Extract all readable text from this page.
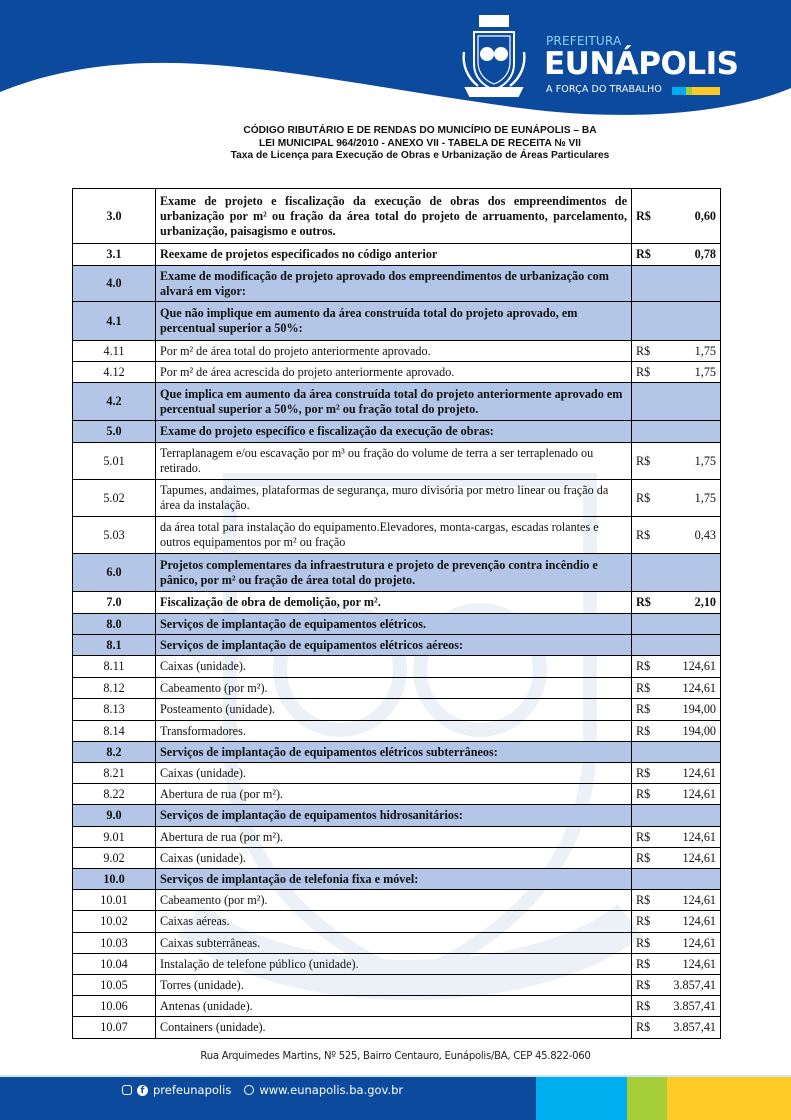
PREFEITURA
EUNÁPOLIS
A FORÇA DO TRABALHO
CÓDIGO RIBUTÁRIO E DE RENDAS DO MUNICÍPIO DE EUNÁPOLIS – BA
LEI MUNICIPAL 964/2010 - ANEXO VII - TABELA DE RECEITA № VII
Taxa de Licença para Execução de Obras e Urbanização de Áreas Particulares
3.0	Exame de projeto e fiscalização da execução de obras dos empreendimentos de urbanização por m² ou fração da área total do projeto de arruamento, parcelamento, urbanização, paisagismo e outros.	R$ 0,60

3.1	Reexame de projetos especificados no código anterior	R$ 0,78

4.0	Exame de modificação de projeto aprovado dos empreendimentos de urbanização com alvará em vigor:	

4.1	Que não implique em aumento da área construída total do projeto aprovado, em percentual superior a 50%:	

4.11	Por m² de área total do projeto anteriormente aprovado.	R$ 1,75

4.12	Por m² de área acrescida do projeto anteriormente aprovado.	R$ 1,75

4.2	Que implica em aumento da área construída total do projeto anteriormente aprovado em percentual superior a 50%, por m² ou fração total do projeto.	

5.0	Exame do projeto específico e fiscalização da execução de obras:	

5.01	Terraplanagem e/ou escavação por m³ ou fração do volume de terra a ser terraplenado ou retirado.	R$ 1,75

5.02	Tapumes, andaimes, plataformas de segurança, muro divisória por metro linear ou fração da área da instalação.	R$ 1,75

5.03	da área total para instalação do equipamento.Elevadores, monta-cargas, escadas rolantes e outros equipamentos por m² ou fração	R$ 0,43

6.0	Projetos complementares da infraestrutura e projeto de prevenção contra incêndio e pânico, por m² ou fração de área total do projeto.	

7.0	Fiscalização de obra de demolição, por m².	R$ 2,10

8.0	Serviços de implantação de equipamentos elétricos.	

8.1	Serviços de implantação de equipamentos elétricos aéreos:	

8.11	Caixas (unidade).	R$ 124,61

8.12	Cabeamento (por m²).	R$ 124,61

8.13	Posteamento (unidade).	R$ 194,00

8.14	Transformadores.	R$ 194,00

8.2	Serviços de implantação de equipamentos elétricos subterrâneos:	

8.21	Caixas (unidade).	R$ 124,61

8.22	Abertura de rua (por m²).	R$ 124,61

9.0	Serviços de implantação de equipamentos hidrosanitários:	

9.01	Abertura de rua (por m²).	R$ 124,61

9.02	Caixas (unidade).	R$ 124,61

10.0	Serviços de implantação de telefonia fixa e móvel:	

10.01	Cabeamento (por m²).	R$ 124,61

10.02	Caixas aéreas.	R$ 124,61

10.03	Caixas subterrâneas.	R$ 124,61

10.04	Instalação de telefone público (unidade).	R$ 124,61

10.05	Torres (unidade).	R$ 3.857,41

10.06	Antenas (unidade).	R$ 3.857,41

10.07	Containers (unidade).	R$ 3.857,41
Rua Arquimedes Martins, Nº 525, Bairro Centauro, Eunápolis/BA, CEP 45.822-060
f prefeunapolis www.eunapolis.ba.gov.br
